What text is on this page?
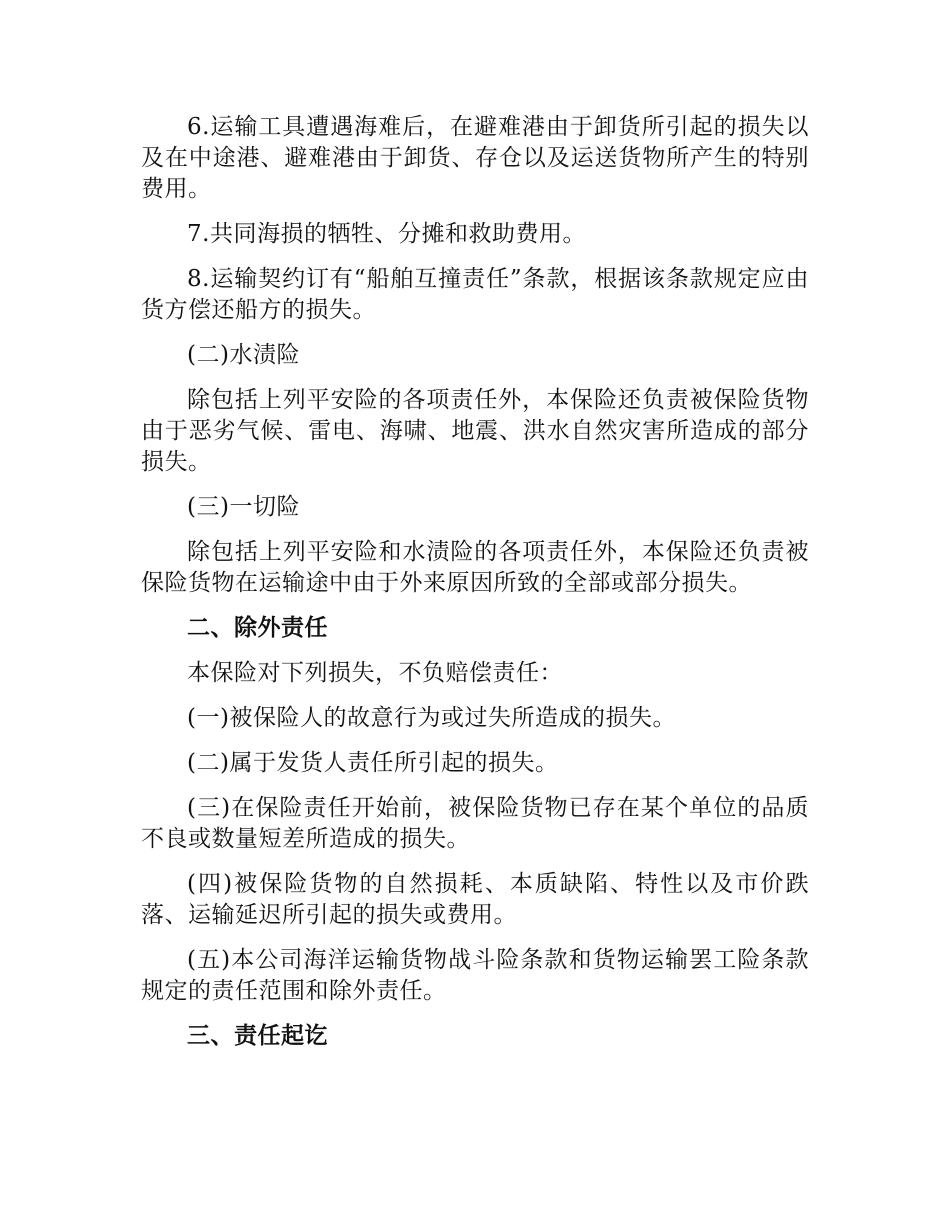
6.运输工具遭遇海难后，在避难港由于卸货所引起的损失以及在中途港、避难港由于卸货、存仓以及运送货物所产生的特别费用。

7.共同海损的牺牲、分摊和救助费用。

8.运输契约订有“船舶互撞责任”条款，根据该条款规定应由货方偿还船方的损失。

(二)水渍险

除包括上列平安险的各项责任外，本保险还负责被保险货物由于恶劣气候、雷电、海啸、地震、洪水自然灾害所造成的部分损失。

(三)一切险

除包括上列平安险和水渍险的各项责任外，本保险还负责被保险货物在运输途中由于外来原因所致的全部或部分损失。

二、除外责任

本保险对下列损失，不负赔偿责任：

(一)被保险人的故意行为或过失所造成的损失。

(二)属于发货人责任所引起的损失。

(三)在保险责任开始前，被保险货物已存在某个单位的品质不良或数量短差所造成的损失。

(四)被保险货物的自然损耗、本质缺陷、特性以及市价跌落、运输延迟所引起的损失或费用。

(五)本公司海洋运输货物战斗险条款和货物运输罢工险条款规定的责任范围和除外责任。

三、责任起讫
